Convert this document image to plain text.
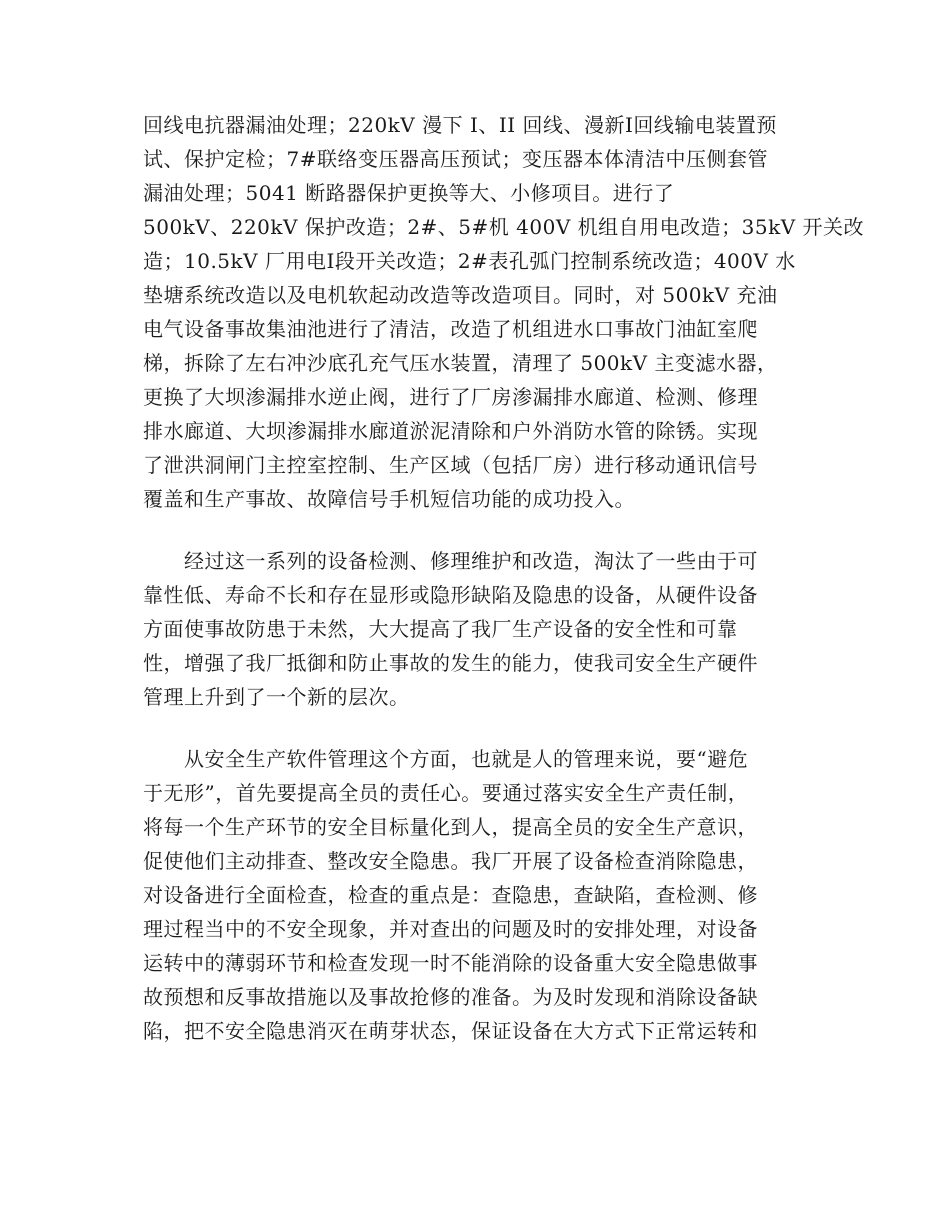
回线电抗器漏油处理；220kV 漫下 I、II 回线、漫新Ⅰ回线输电装置预
试、保护定检；7#联络变压器高压预试；变压器本体清洁中压侧套管
漏油处理；5041 断路器保护更换等大、小修项目。进行了
500kV、220kV 保护改造；2#、5#机 400V 机组自用电改造；35kV 开关改
造；10.5kV 厂用电Ⅰ段开关改造；2#表孔弧门控制系统改造；400V 水
垫塘系统改造以及电机软起动改造等改造项目。同时，对 500kV 充油
电气设备事故集油池进行了清洁，改造了机组进水口事故门油缸室爬
梯，拆除了左右冲沙底孔充气压水装置，清理了 500kV 主变滤水器，
更换了大坝渗漏排水逆止阀，进行了厂房渗漏排水廊道、检测、修理
排水廊道、大坝渗漏排水廊道淤泥清除和户外消防水管的除锈。实现
了泄洪洞闸门主控室控制、生产区域（包括厂房）进行移动通讯信号
覆盖和生产事故、故障信号手机短信功能的成功投入。
经过这一系列的设备检测、修理维护和改造，淘汰了一些由于可
靠性低、寿命不长和存在显形或隐形缺陷及隐患的设备，从硬件设备
方面使事故防患于未然，大大提高了我厂生产设备的安全性和可靠
性，增强了我厂抵御和防止事故的发生的能力，使我司安全生产硬件
管理上升到了一个新的层次。
从安全生产软件管理这个方面，也就是人的管理来说，要“避危
于无形”，首先要提高全员的责任心。要通过落实安全生产责任制，
将每一个生产环节的安全目标量化到人，提高全员的安全生产意识，
促使他们主动排查、整改安全隐患。我厂开展了设备检查消除隐患，
对设备进行全面检查，检查的重点是：查隐患，查缺陷，查检测、修
理过程当中的不安全现象，并对查出的问题及时的安排处理，对设备
运转中的薄弱环节和检查发现一时不能消除的设备重大安全隐患做事
故预想和反事故措施以及事故抢修的准备。为及时发现和消除设备缺
陷，把不安全隐患消灭在萌芽状态，保证设备在大方式下正常运转和
